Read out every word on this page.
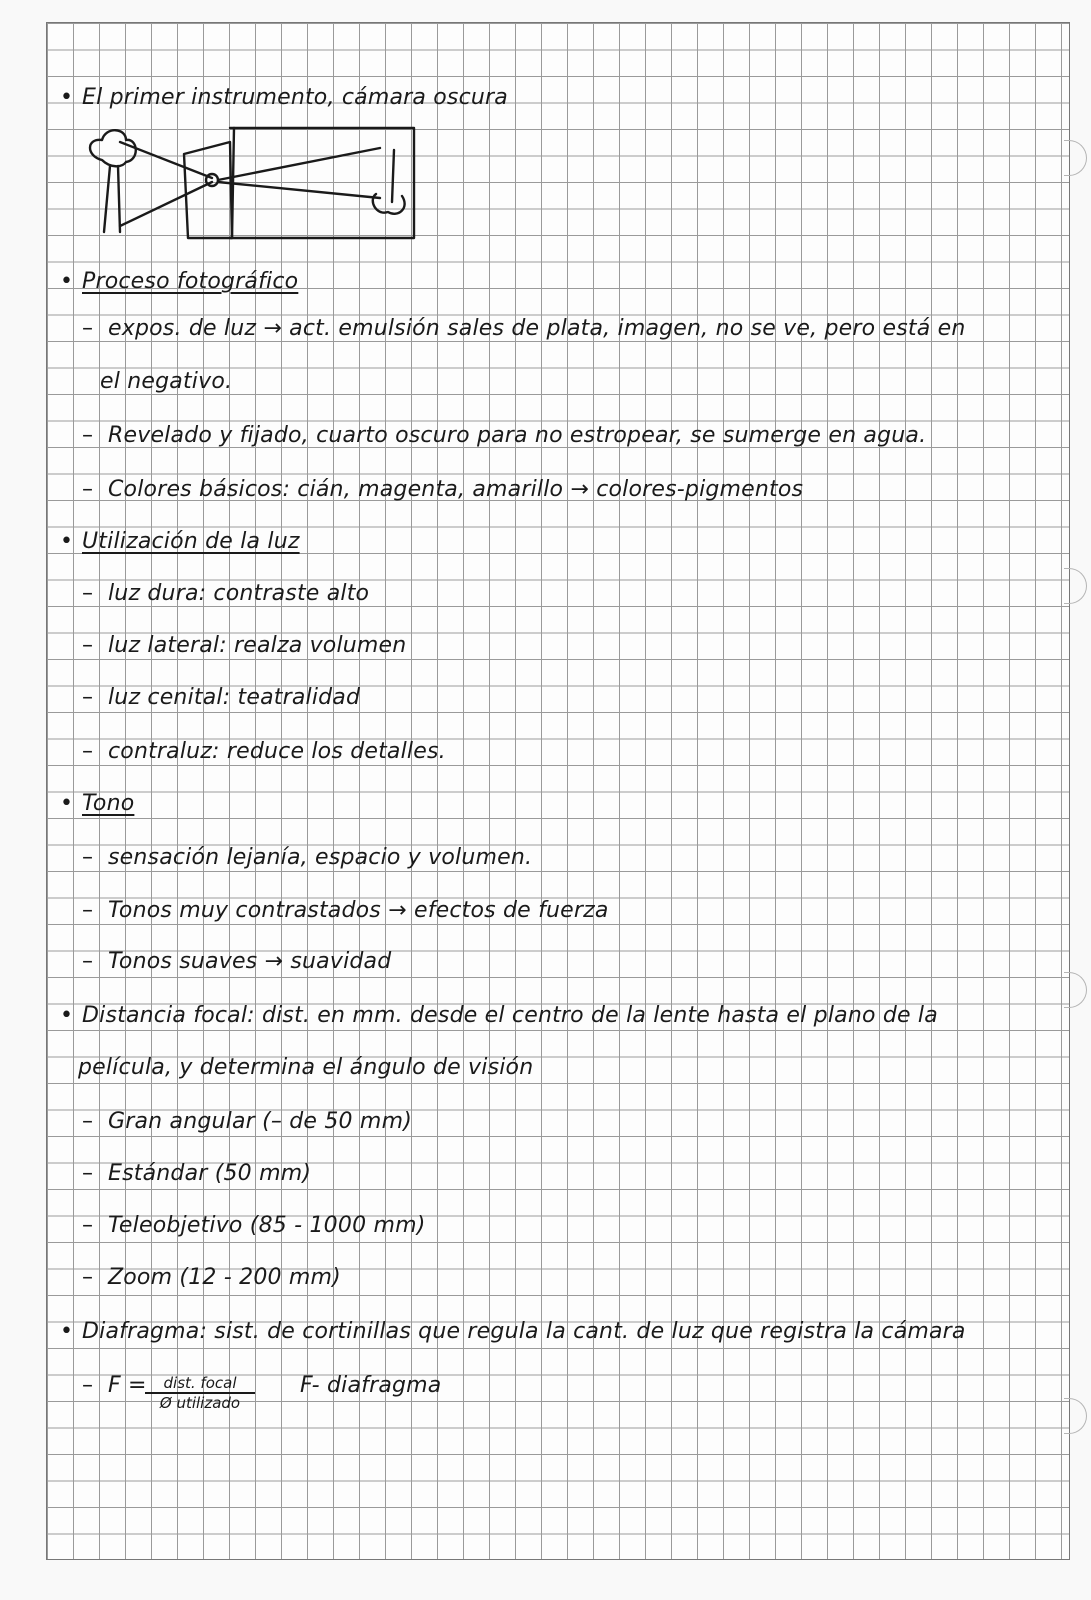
• El primer instrumento, cámara oscura
• Proceso fotográfico
– expos. de luz → act. emulsión sales de plata, imagen, no se ve, pero está en
el negativo.
– Revelado y fijado, cuarto oscuro para no estropear, se sumerge en agua.
– Colores básicos: cián, magenta, amarillo → colores-pigmentos
• Utilización de la luz
– luz dura: contraste alto
– luz lateral: realza volumen
– luz cenital: teatralidad
– contraluz: reduce los detalles.
• Tono
– sensación lejanía, espacio y volumen.
– Tonos muy contrastados → efectos de fuerza
– Tonos suaves → suavidad
• Distancia focal: dist. en mm. desde el centro de la lente hasta el plano de la
película, y determina el ángulo de visión
– Gran angular (– de 50 mm)
– Estándar (50 mm)
– Teleobjetivo (85 - 1000 mm)
– Zoom (12 - 200 mm)
• Diafragma: sist. de cortinillas que regula la cant. de luz que registra la cámara
– F =	F- diafragma
dist. focal
Ø utilizado
